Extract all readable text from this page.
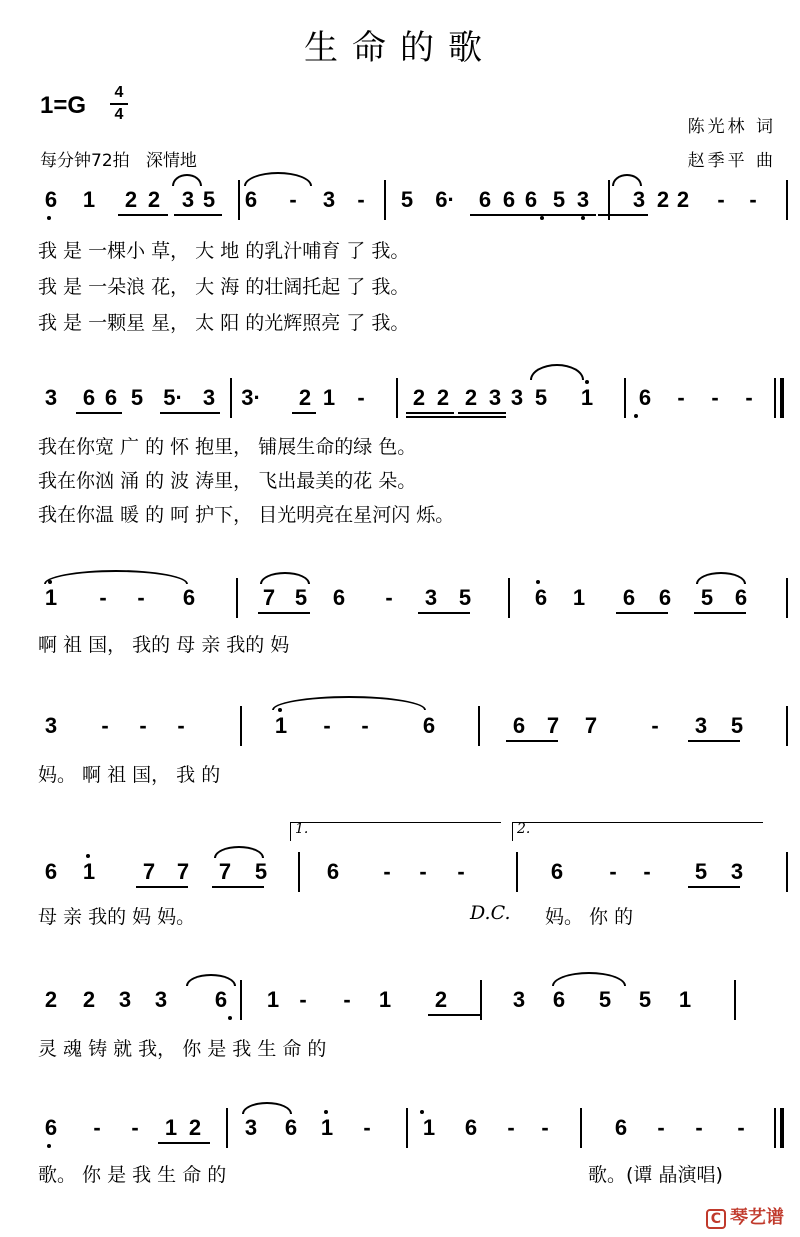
生命的歌
1=G 4
4
每分钟72拍 深情地
陈光林 词
赵季平 曲
6 1 2 2 3 5 6	-	3	-	5 6· 6 6 6 5 3 3 2 2	-	-
我 是 一棵小 草， 大 地 的乳汁哺育 了 我。
我 是 一朵浪 花， 大 海 的壮阔托起 了 我。
我 是 一颗星 星， 太 阳 的光辉照亮 了 我。
3 6 6 5 5· 3 3· 2 1	-	2 2 2 3 3 5 1 6	-	-	-
我在你宽 广 的 怀 抱里， 铺展生命的绿 色。
我在你汹 涌 的 波 涛里， 飞出最美的花 朵。
我在你温 暖 的 呵 护下， 目光明亮在星河闪 烁。
1	-	-	6	7 5 6	-	3 5	6 1 6 6 5 6
啊 祖 国， 我的 母 亲 我的 妈
3	-	-	-	1	-	-	6	6 7 7	-	3 5
妈。 啊 祖 国， 我 的
1.	2.
6 1 7 7 7 5	6	-	-	-	6	-	-	5 3
母 亲 我的 妈 妈。	D.C. 妈。 你 的
2 2 3 3 6 1 -	-	1 2	3 6 5 5 1
灵 魂 铸 就 我， 你 是 我 生 命 的
6	-	-	1 2 3 6 1	-	1 6	-	-	6	-	-	-
歌。 你 是 我 生 命 的	歌。(谭 晶演唱)
C 琴艺谱
